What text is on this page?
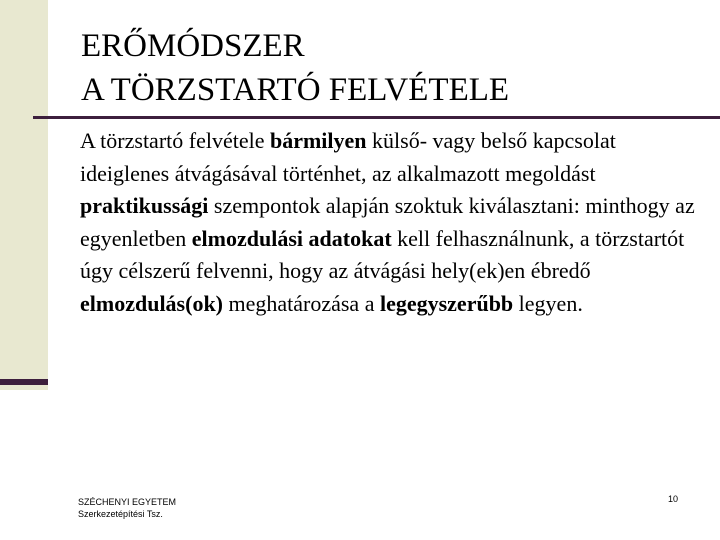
ERŐMÓDSZER
A TÖRZSTARTÓ FELVÉTELE

A törzstartó felvétele bármilyen külső- vagy belső kapcsolat ideiglenes átvágásával történhet, az alkalmazott megoldást praktikussági szempontok alapján szoktuk kiválasztani: minthogy az egyenletben elmozdulási adatokat kell felhasználnunk, a törzstartót úgy célszerű felvenni, hogy az átvágási hely(ek)en ébredő elmozdulás(ok) meghatározása a legegyszerűbb legyen.

SZÉCHENYI EGYETEM
Szerkezetépítési Tsz.
10
